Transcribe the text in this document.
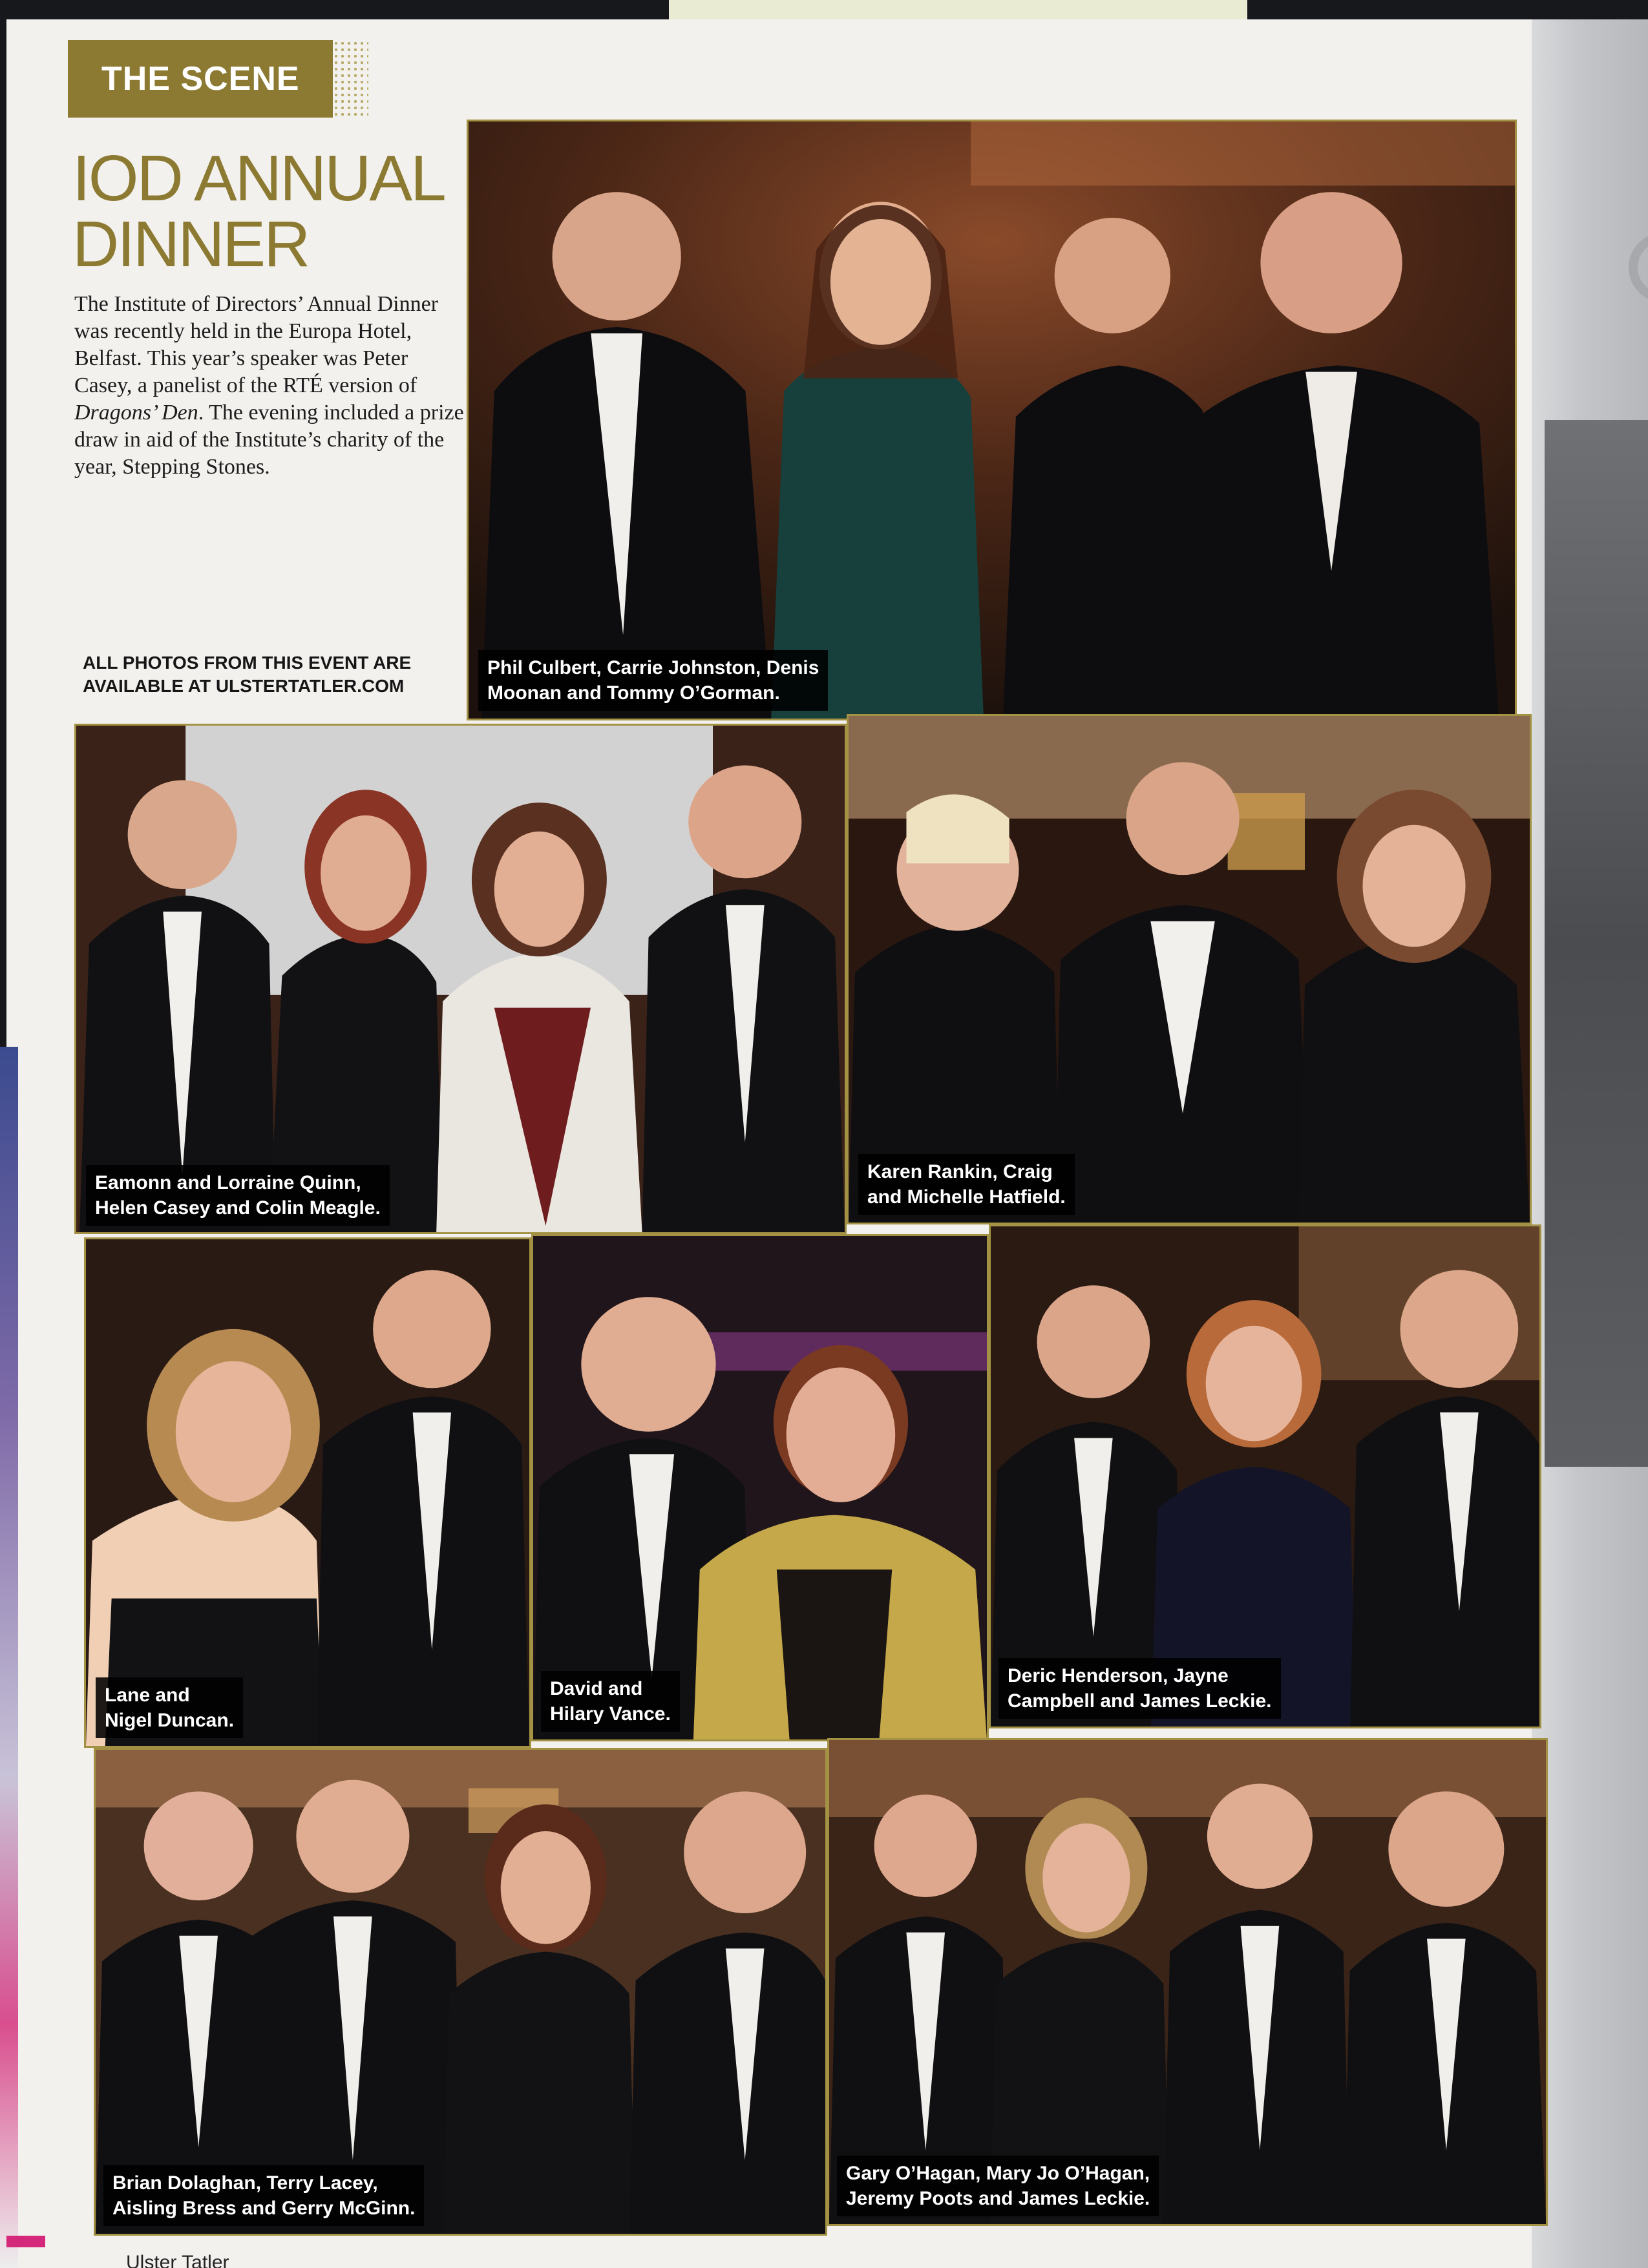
THE SCENE
IOD ANNUAL
DINNER
The Institute of Directors’ Annual Dinner was recently held in the Europa Hotel, Belfast. This year’s speaker was Peter Casey, a panelist of the RTÉ version of Dragons’ Den. The evening included a prize draw in aid of the Institute’s charity of the year, Stepping Stones.
ALL PHOTOS FROM THIS EVENT ARE AVAILABLE AT ULSTERTATLER.COM
Phil Culbert, Carrie Johnston, Denis
Moonan and Tommy O’Gorman.
Eamonn and Lorraine Quinn,
Helen Casey and Colin Meagle.
Karen Rankin, Craig
and Michelle Hatfield.
Lane and
Nigel Duncan.
David and
Hilary Vance.
Deric Henderson, Jayne
Campbell and James Leckie.
Brian Dolaghan, Terry Lacey,
Aisling Bress and Gerry McGinn.
Gary O’Hagan, Mary Jo O’Hagan,
Jeremy Poots and James Leckie.
Ulster Tatler
